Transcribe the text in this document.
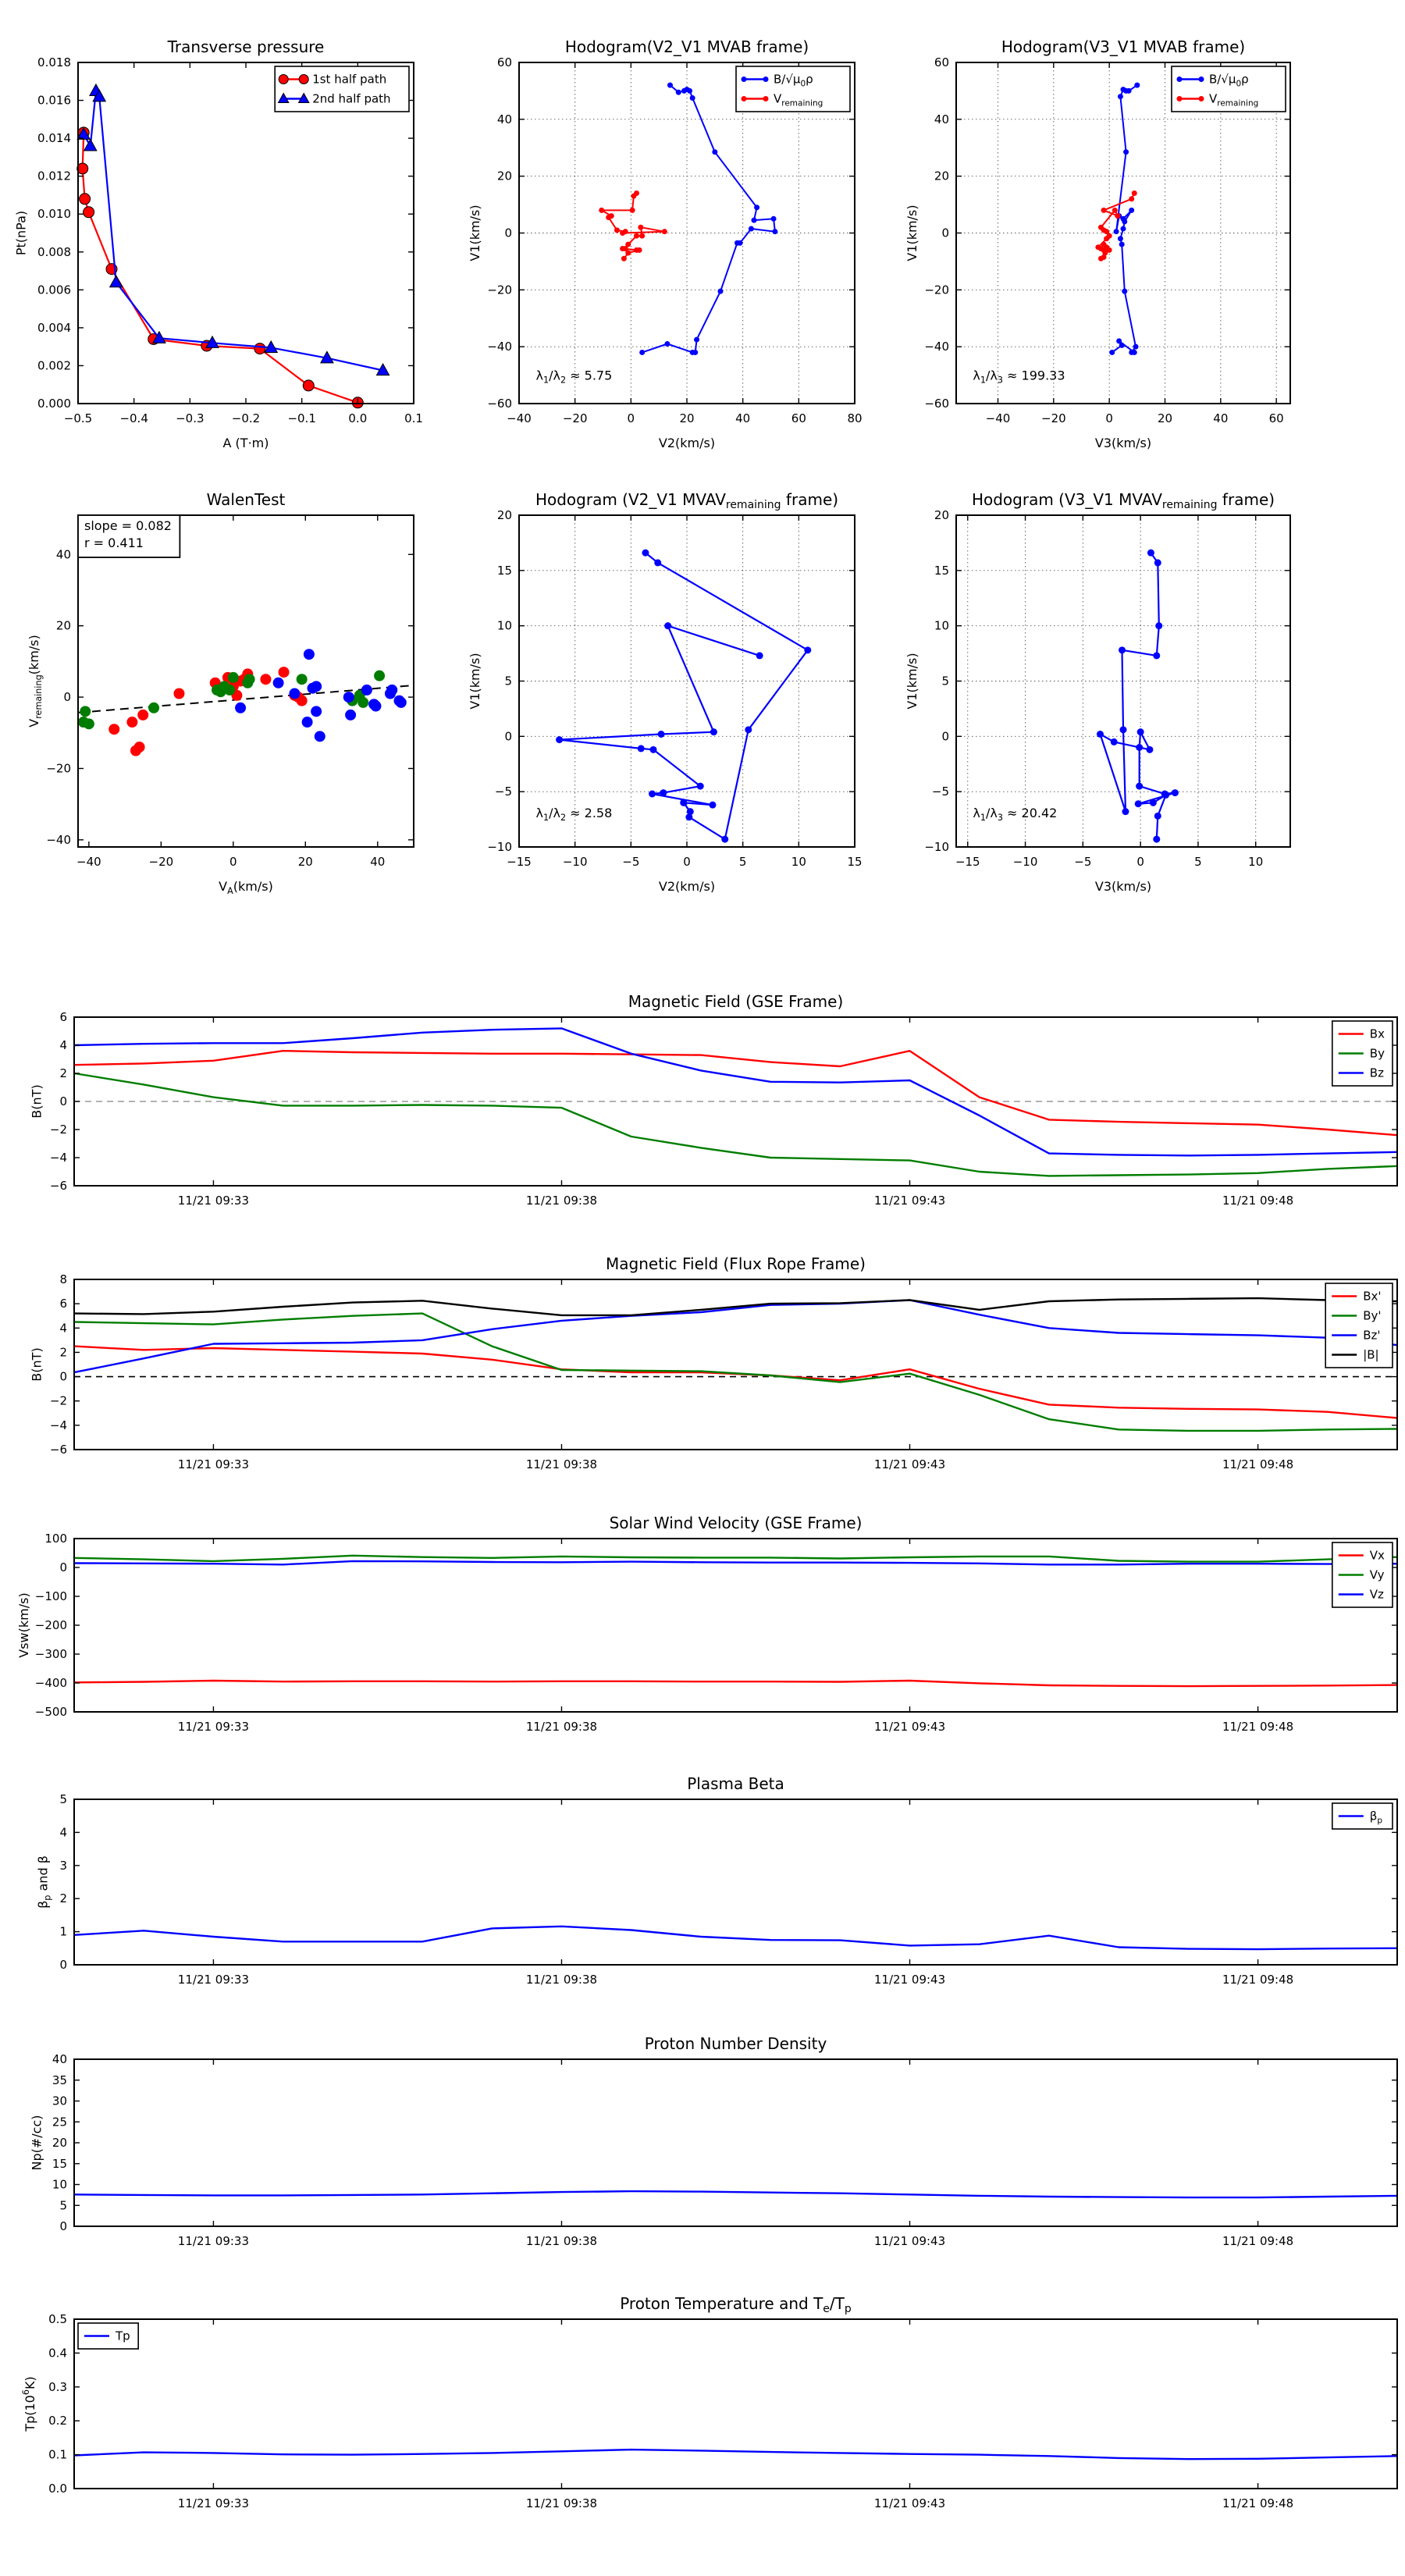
−0.5 −0.4 −0.3 −0.2 −0.1	0.0	0.1
0.000
0.002
0.004
0.006
0.008
0.010
0.012
0.014
0.016
0.018
Transverse pressure
A (T·m)
Pt(nPa)
1st half path
2nd half path
−40	−20	0	20	40	60	80
−60
−40
−20
0
20
40
60
Hodogram(V2_V1 MVAB frame)
V2(km/s)
V1(km/s)
$\lambda_1/\lambda_2 \approx 5.75$
$B/√\mu_0\rho$
$V_{remaining}$
−40	−20	0	20	40	60
−60
−40
−20
0
20
40
60
Hodogram(V3_V1 MVAB frame)
V3(km/s)
V1(km/s)
$\lambda_1/\lambda_3 \approx 199.33$
$B/√\mu_0\rho$
$V_{remaining}$
−40	−20	0	20	40
−40
−20
0
20
40
WalenTest
$V_A(km/s)$
$V_{remaining}(km/s)$
slope = 0.082
r = 0.411
−15	−10	−5	0	5	10	15
−10
−5
0
5
10
15
20
Hodogram (V2_V1 $MVAV_{remaining}$ frame)
V2(km/s)
V1(km/s)
$\lambda_1/\lambda_2 \approx 2.58$
−15	−10	−5	0	5	10
−10
−5
0
5
10
15
20
Hodogram (V3_V1 $MVAV_{remaining}$ frame)
V3(km/s)
V1(km/s)
$\lambda_1/\lambda_3 \approx 20.42$
11/21 09:33	11/21 09:38	11/21 09:43	11/21 09:48
−6
−4
−2
0
2
4
6
Magnetic Field (GSE Frame)
B(nT)
Bx
By
Bz
11/21 09:33	11/21 09:38	11/21 09:43	11/21 09:48
−6
−4
−2
0
2
4
6
8
Magnetic Field (Flux Rope Frame)
B(nT)
Bx'
By'
Bz'
|B|
11/21 09:33	11/21 09:38	11/21 09:43	11/21 09:48
−500
−400
−300
−200
−100
0
100
Solar Wind Velocity (GSE Frame)
Vsw(km/s)
Vx
Vy
Vz
11/21 09:33	11/21 09:38	11/21 09:43	11/21 09:48
0
1
2
3
4
5
Plasma Beta
$\beta_p$ and β
$\beta_p$
11/21 09:33	11/21 09:38	11/21 09:43	11/21 09:48
0
5
10
15
20
25
30
35
40
Proton Number Density
Np(#/cc)
11/21 09:33	11/21 09:38	11/21 09:43	11/21 09:48
0.0
0.1
0.2
0.3
0.4
0.5
Proton Temperature and $T_e/T_p$
$Tp(10^6K)$
Tp
